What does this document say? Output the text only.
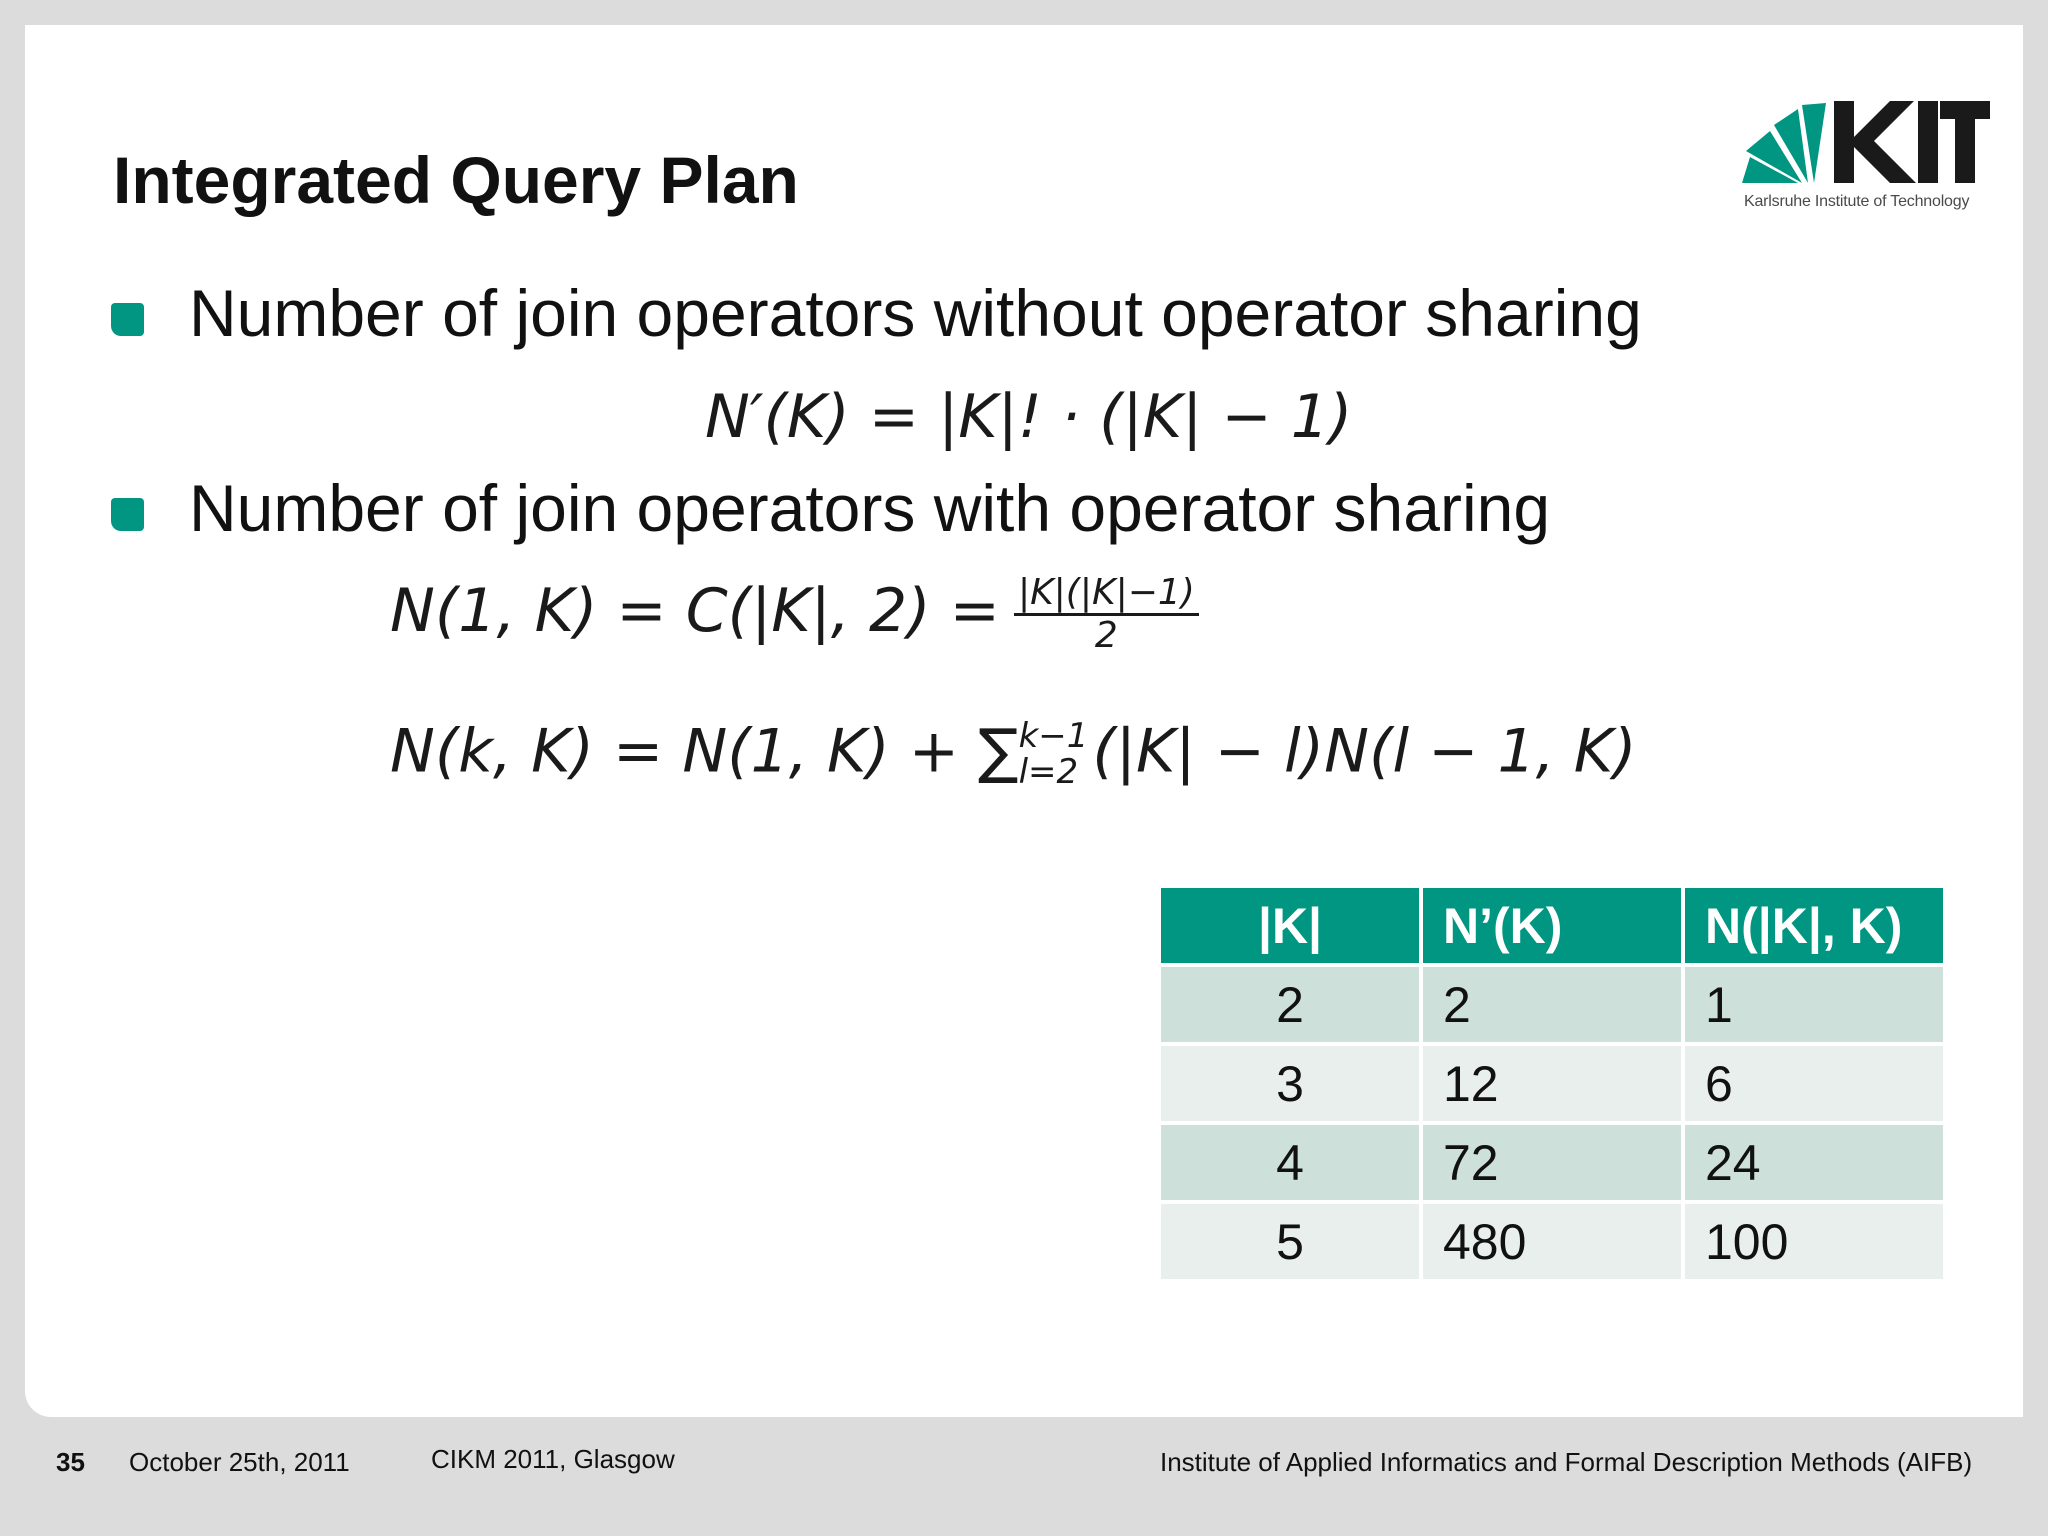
Integrated Query Plan	Karlsruhe Institute of Technology
Number of join operators without operator sharing
N′(K) = |K|! · (|K| − 1)
Number of join operators with operator sharing
N(1, K) = C(|K|, $2) = \frac{|K|(|K|-1)}{2}$
N(k, K) = N(1, K) + ∑ k−1
l=2 (|K| − l)N(l − 1, K)
|K|	N’(K)	N(|K|, K)
2	2	1
3	12	6
4	72	24
5	480	100
35 October 25th, 2011	CIKM 2011, Glasgow	Institute of Applied Informatics and Formal Description Methods (AIFB)
